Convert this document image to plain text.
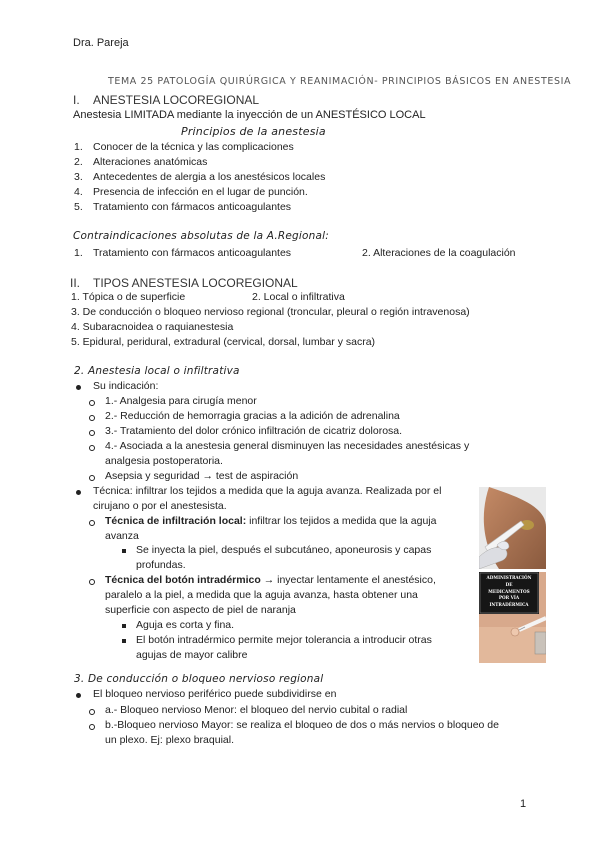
Dra. Pareja
TEMA 25 PATOLOGÍA QUIRÚRGICA Y REANIMACIÓN- PRINCIPIOS BÁSICOS EN ANESTESIA
I. ANESTESIA LOCOREGIONAL
Anestesia LIMITADA mediante la inyección de un ANESTÉSICO LOCAL
Principios de la anestesia
1. Conocer de la técnica y las complicaciones
2. Alteraciones anatómicas
3. Antecedentes de alergia a los anestésicos locales
4. Presencia de infección en el lugar de punción.
5. Tratamiento con fármacos anticoagulantes
Contraindicaciones absolutas de la A.Regional:
1. Tratamiento con fármacos anticoagulantes	2. Alteraciones de la coagulación
II. TIPOS ANESTESIA LOCOREGIONAL
1. Tópica o de superficie	2. Local o infiltrativa
3. De conducción o bloqueo nervioso regional (troncular, pleural o región intravenosa)
4. Subaracnoidea o raquianestesia
5. Epidural, peridural, extradural (cervical, dorsal, lumbar y sacra)
2. Anestesia local o infiltrativa
Su indicación:
1.- Analgesia para cirugía menor
2.- Reducción de hemorragia gracias a la adición de adrenalina
3.- Tratamiento del dolor crónico infiltración de cicatriz dolorosa.
4.- Asociada a la anestesia general disminuyen las necesidades anestésicas y
analgesia postoperatoria.
Asepsia y seguridad → test de aspiración
Técnica: infiltrar los tejidos a medida que la aguja avanza. Realizada por el
cirujano o por el anestesista.
Técnica de infiltración local: infiltrar los tejidos a medida que la aguja
avanza
Se inyecta la piel, después el subcutáneo, aponeurosis y capas
profundas.
Técnica del botón intradérmico → inyectar lentamente el anestésico,
paralelo a la piel, a medida que la aguja avanza, hasta obtener una
superficie con aspecto de piel de naranja
Aguja es corta y fina.
El botón intradérmico permite mejor tolerancia a introducir otras
agujas de mayor calibre
ADMINISTRACIÓN
DE
MEDICAMENTOS
POR VÍA
INTRADÉRMICA
3. De conducción o bloqueo nervioso regional
El bloqueo nervioso periférico puede subdividirse en
a.- Bloqueo nervioso Menor: el bloqueo del nervio cubital o radial
b.-Bloqueo nervioso Mayor: se realiza el bloqueo de dos o más nervios o bloqueo de
un plexo. Ej: plexo braquial.
1
